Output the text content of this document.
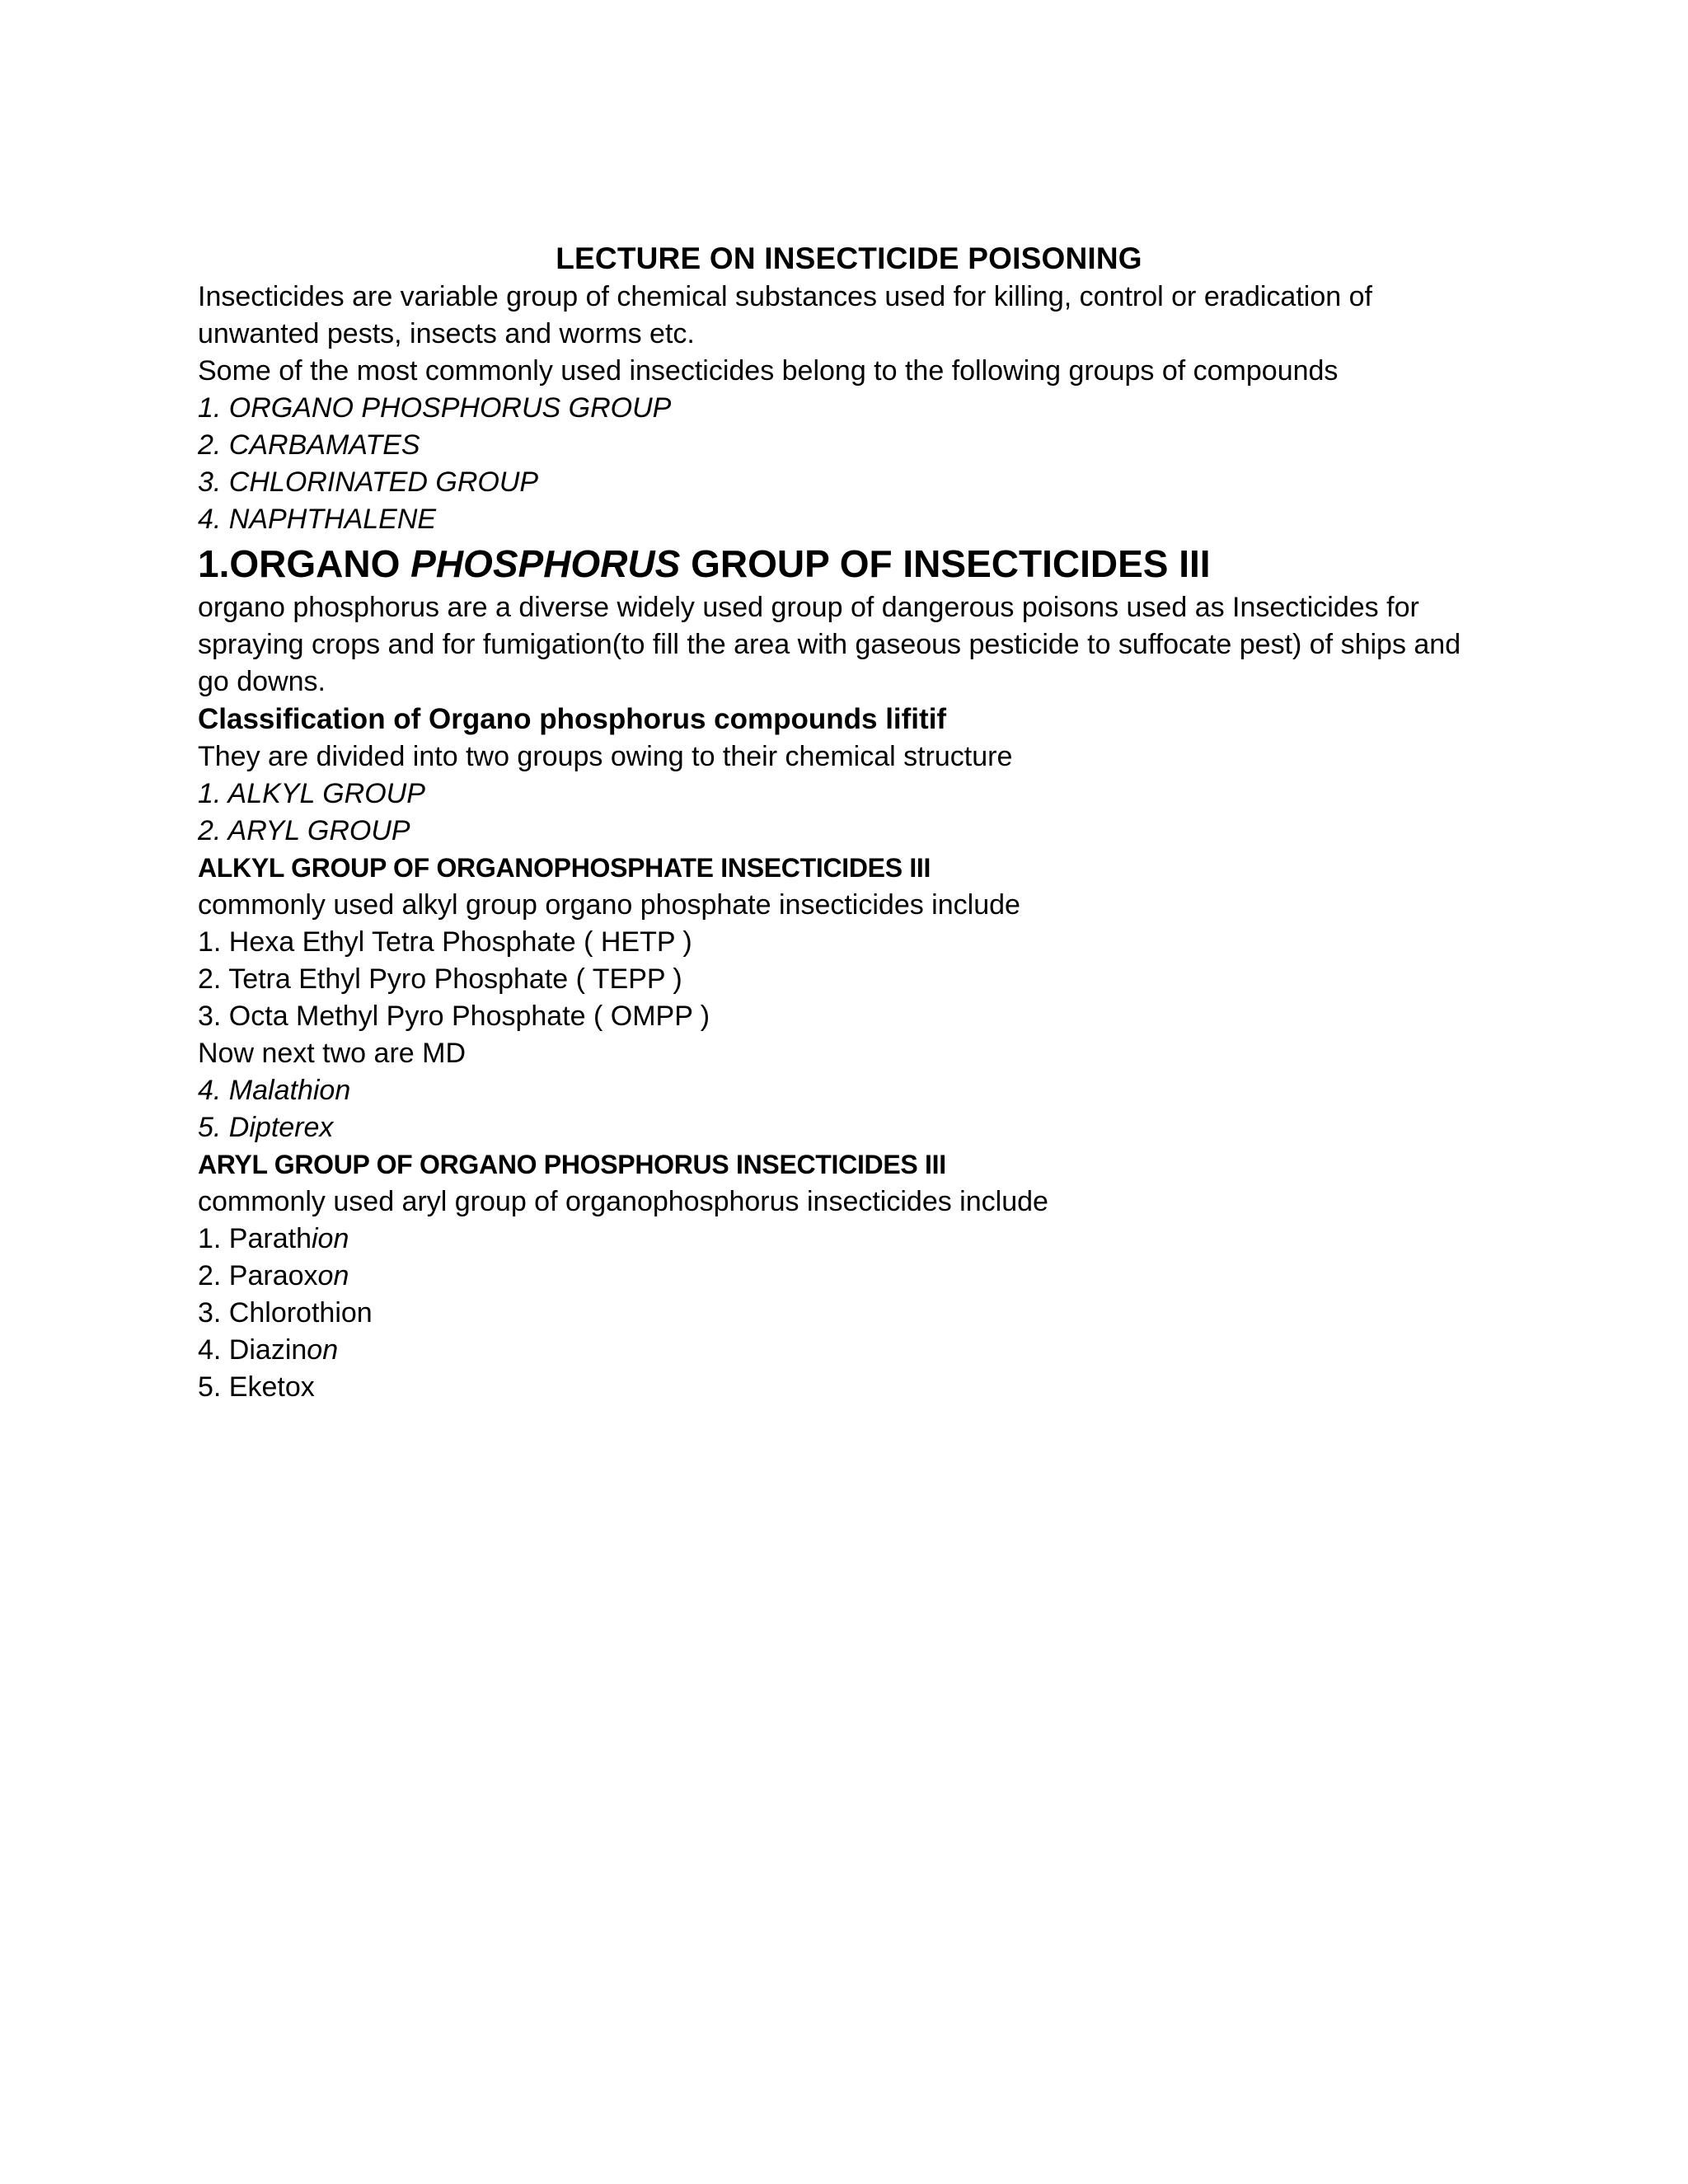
LECTURE ON INSECTICIDE POISONING

Insecticides are variable group of chemical substances used for killing, control or eradication of

unwanted pests, insects and worms etc.

Some of the most commonly used insecticides belong to the following groups of compounds

1. ORGANO PHOSPHORUS GROUP

2. CARBAMATES

3. CHLORINATED GROUP

4. NAPHTHALENE

1.ORGANO PHOSPHORUS GROUP OF INSECTICIDES III

organo phosphorus are a diverse widely used group of dangerous poisons used as Insecticides for

spraying crops and for fumigation(to fill the area with gaseous pesticide to suffocate pest) of ships and

go downs.

Classification of Organo phosphorus compounds lifitif

They are divided into two groups owing to their chemical structure

1. ALKYL GROUP

2. ARYL GROUP

ALKYL GROUP OF ORGANOPHOSPHATE INSECTICIDES III

commonly used alkyl group organo phosphate insecticides include

1. Hexa Ethyl Tetra Phosphate ( HETP )

2. Tetra Ethyl Pyro Phosphate ( TEPP )

3. Octa Methyl Pyro Phosphate ( OMPP )

Now next two are MD

4. Malathion

5. Dipterex

ARYL GROUP OF ORGANO PHOSPHORUS INSECTICIDES III

commonly used aryl group of organophosphorus insecticides include

1. Parathion

2. Paraoxon

3. Chlorothion

4. Diazinon

5. Eketox
